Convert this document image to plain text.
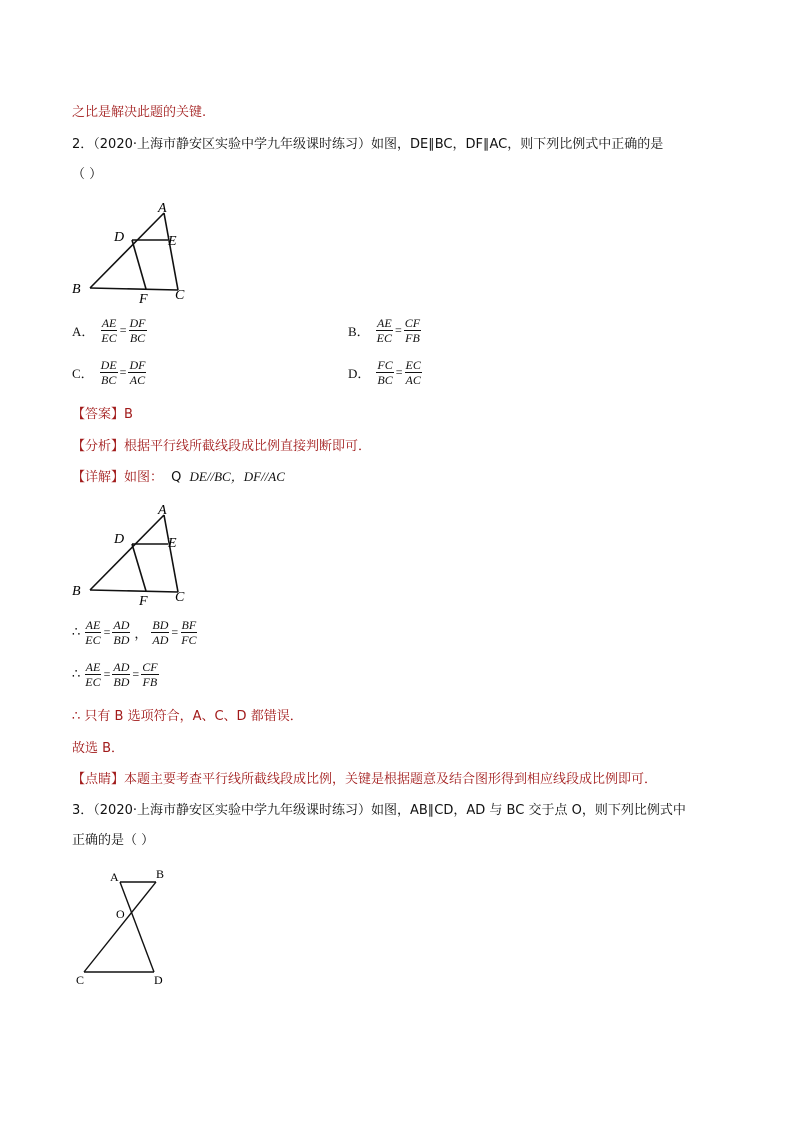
之比是解决此题的关键.
2．（2020·上海市静安区实验中学九年级课时练习）如图，DE∥BC，DF∥AC，则下列比例式中正确的是
（ ）
A
D	E
B
F C
A． $\frac{AE}{EC} = \frac{DF}{BC}$	B． $\frac{AE}{EC} = \frac{CF}{FB}$
C． $\frac{DE}{BC} = \frac{DF}{AC}$	D． $\frac{FC}{BC} = \frac{EC}{AC}$
【答案】B
【分析】根据平行线所截线段成比例直接判断即可．
【详解】如图： Q DE//BC，DF//AC
A
D	E
B
F C
∴ $\frac{AE}{EC} = \frac{AD}{BD}$ ， $\frac{BD}{AD} = \frac{BF}{FC}$
∴ $\frac{AE}{EC} = \frac{AD}{BD} = \frac{CF}{FB}$
∴ 只有 B 选项符合，A、C、D 都错误．
故选 B．
【点睛】本题主要考查平行线所截线段成比例，关键是根据题意及结合图形得到相应线段成比例即可．
3．（2020·上海市静安区实验中学九年级课时练习）如图，AB∥CD，AD 与 BC 交于点 O，则下列比例式中
正确的是（ ）
A	B
O
C	D
